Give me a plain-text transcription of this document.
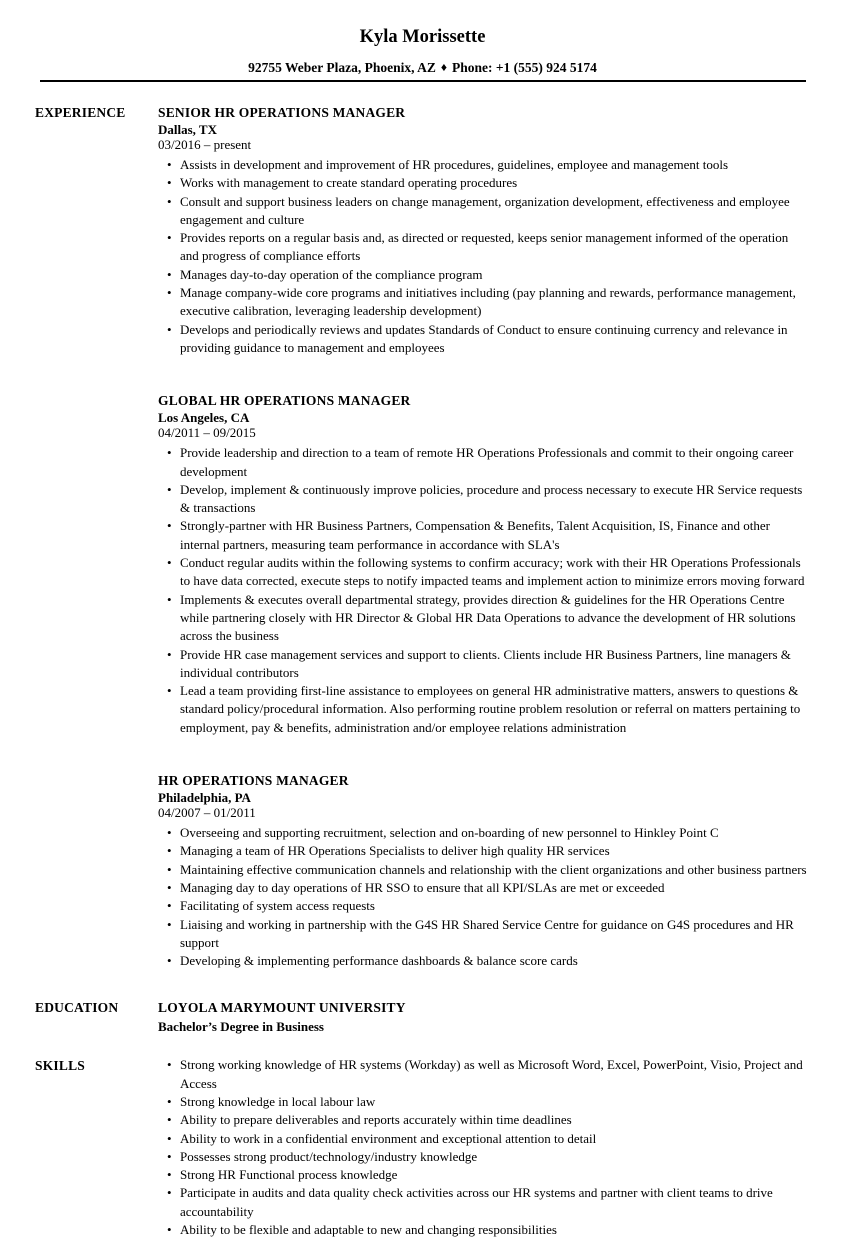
Kyla Morissette
92755 Weber Plaza, Phoenix, AZ ♦ Phone: +1 (555) 924 5174
EXPERIENCE	SENIOR HR OPERATIONS MANAGER
Dallas, TX
03/2016 – present
• Assists in development and improvement of HR procedures, guidelines, employee and management tools
• Works with management to create standard operating procedures
• Consult and support business leaders on change management, organization development, effectiveness and employee engagement and culture
• Provides reports on a regular basis and, as directed or requested, keeps senior management informed of the operation and progress of compliance efforts
• Manages day-to-day operation of the compliance program
• Manage company-wide core programs and initiatives including (pay planning and rewards, performance management, executive calibration, leveraging leadership development)
• Develops and periodically reviews and updates Standards of Conduct to ensure continuing currency and relevance in providing guidance to management and employees
GLOBAL HR OPERATIONS MANAGER
Los Angeles, CA
04/2011 – 09/2015
• Provide leadership and direction to a team of remote HR Operations Professionals and commit to their ongoing career development
• Develop, implement & continuously improve policies, procedure and process necessary to execute HR Service requests & transactions
• Strongly-partner with HR Business Partners, Compensation & Benefits, Talent Acquisition, IS, Finance and other internal partners, measuring team performance in accordance with SLA's
• Conduct regular audits within the following systems to confirm accuracy; work with their HR Operations Professionals to have data corrected, execute steps to notify impacted teams and implement action to minimize errors moving forward
• Implements & executes overall departmental strategy, provides direction & guidelines for the HR Operations Centre while partnering closely with HR Director & Global HR Data Operations to advance the development of HR solutions across the business
• Provide HR case management services and support to clients. Clients include HR Business Partners, line managers & individual contributors
• Lead a team providing first-line assistance to employees on general HR administrative matters, answers to questions & standard policy/procedural information. Also performing routine problem resolution or referral on matters pertaining to employment, pay & benefits, administration and/or employee relations administration
HR OPERATIONS MANAGER
Philadelphia, PA
04/2007 – 01/2011
• Overseeing and supporting recruitment, selection and on-boarding of new personnel to Hinkley Point C
• Managing a team of HR Operations Specialists to deliver high quality HR services
• Maintaining effective communication channels and relationship with the client organizations and other business partners
• Managing day to day operations of HR SSO to ensure that all KPI/SLAs are met or exceeded
• Facilitating of system access requests
• Liaising and working in partnership with the G4S HR Shared Service Centre for guidance on G4S procedures and HR support
• Developing & implementing performance dashboards & balance score cards
EDUCATION	LOYOLA MARYMOUNT UNIVERSITY
Bachelor’s Degree in Business
SKILLS	• Strong working knowledge of HR systems (Workday) as well as Microsoft Word, Excel, PowerPoint, Visio, Project and Access
• Strong knowledge in local labour law
• Ability to prepare deliverables and reports accurately within time deadlines
• Ability to work in a confidential environment and exceptional attention to detail
• Possesses strong product/technology/industry knowledge
• Strong HR Functional process knowledge
• Participate in audits and data quality check activities across our HR systems and partner with client teams to drive accountability
• Ability to be flexible and adaptable to new and changing responsibilities
